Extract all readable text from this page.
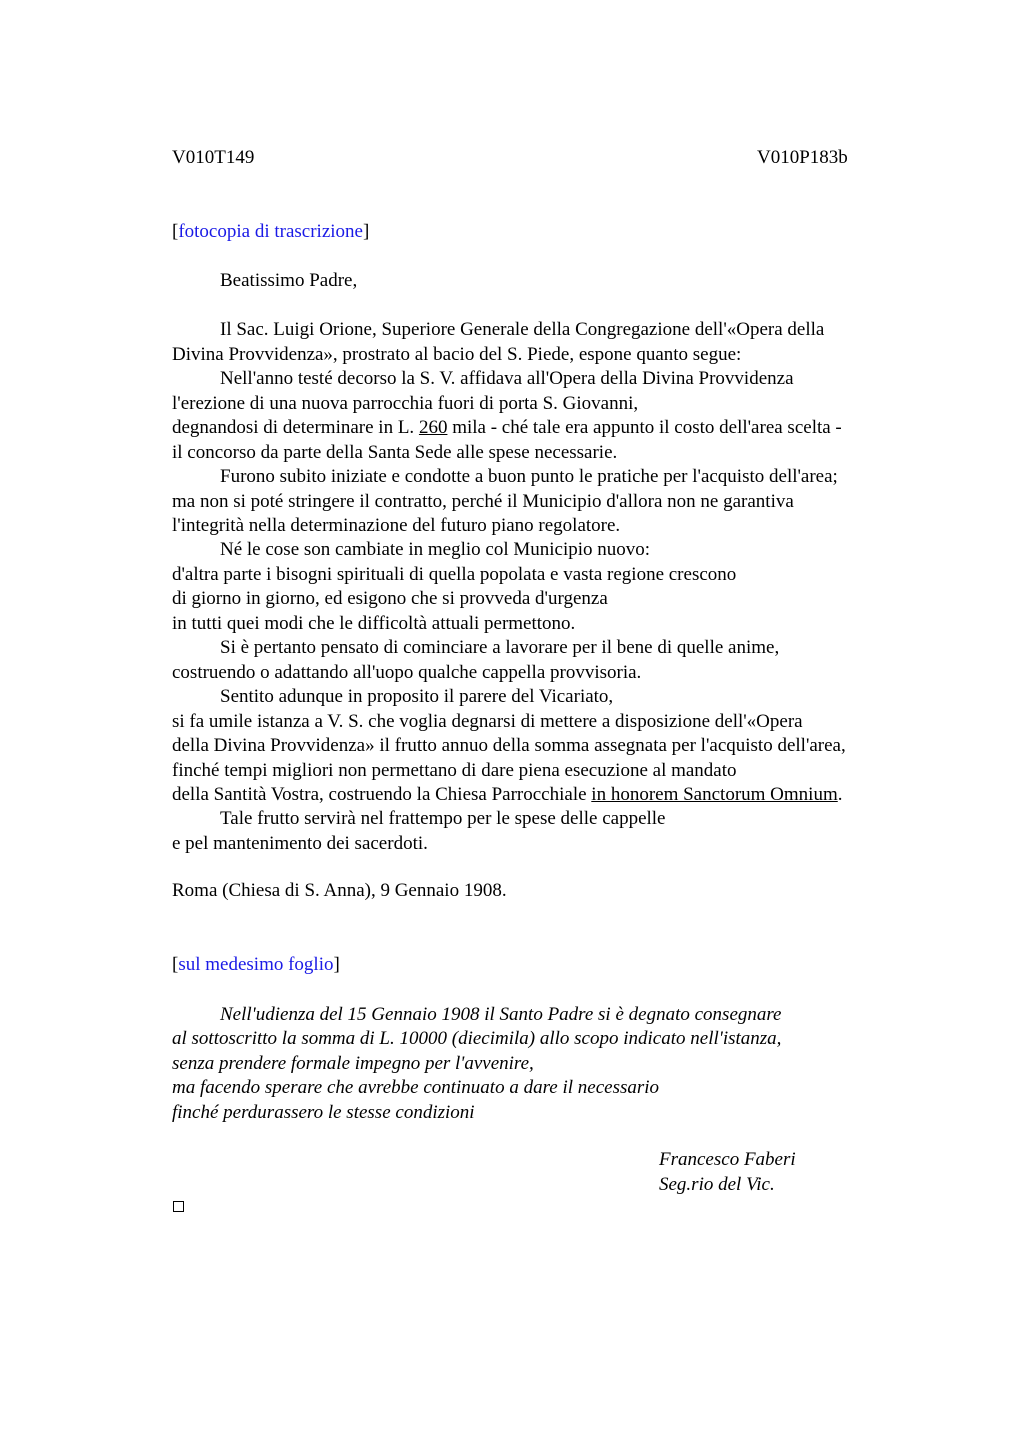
V010T149	V010P183b
[fotocopia di trascrizione]
Beatissimo Padre,
Il Sac. Luigi Orione, Superiore Generale della Congregazione dell'«Opera della
Divina Provvidenza», prostrato al bacio del S. Piede, espone quanto segue:
Nell'anno testé decorso la S. V. affidava all'Opera della Divina Provvidenza
l'erezione di una nuova parrocchia fuori di porta S. Giovanni,
degnandosi di determinare in L. 260 mila - ché tale era appunto il costo dell'area scelta -
il concorso da parte della Santa Sede alle spese necessarie.
Furono subito iniziate e condotte a buon punto le pratiche per l'acquisto dell'area;
ma non si poté stringere il contratto, perché il Municipio d'allora non ne garantiva
l'integrità nella determinazione del futuro piano regolatore.
Né le cose son cambiate in meglio col Municipio nuovo:
d'altra parte i bisogni spirituali di quella popolata e vasta regione crescono
di giorno in giorno, ed esigono che si provveda d'urgenza
in tutti quei modi che le difficoltà attuali permettono.
Si è pertanto pensato di cominciare a lavorare per il bene di quelle anime,
costruendo o adattando all'uopo qualche cappella provvisoria.
Sentito adunque in proposito il parere del Vicariato,
si fa umile istanza a V. S. che voglia degnarsi di mettere a disposizione dell'«Opera
della Divina Provvidenza» il frutto annuo della somma assegnata per l'acquisto dell'area,
finché tempi migliori non permettano di dare piena esecuzione al mandato
della Santità Vostra, costruendo la Chiesa Parrocchiale in honorem Sanctorum Omnium.
Tale frutto servirà nel frattempo per le spese delle cappelle
e pel mantenimento dei sacerdoti.
Roma (Chiesa di S. Anna), 9 Gennaio 1908.
[sul medesimo foglio]
Nell'udienza del 15 Gennaio 1908 il Santo Padre si è degnato consegnare
al sottoscritto la somma di L. 10000 (diecimila) allo scopo indicato nell'istanza,
senza prendere formale impegno per l'avvenire,
ma facendo sperare che avrebbe continuato a dare il necessario
finché perdurassero le stesse condizioni
Francesco Faberi
Seg.rio del Vic.
